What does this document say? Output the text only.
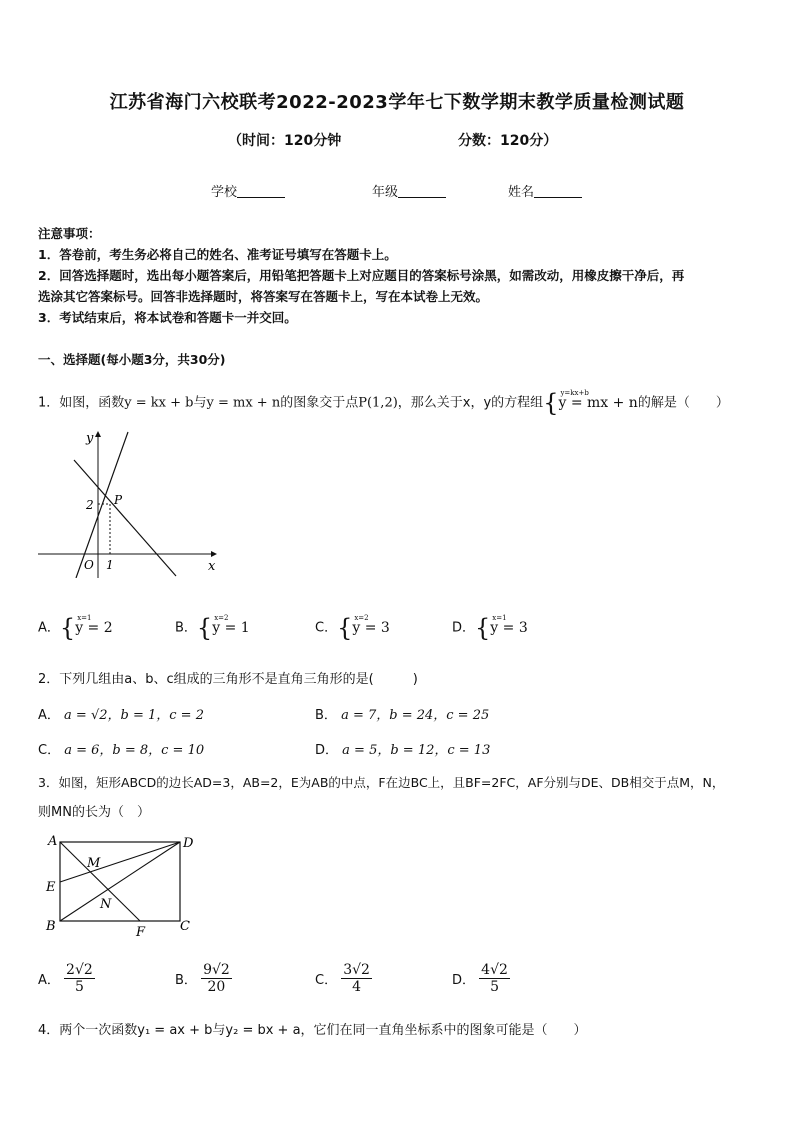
江苏省海门六校联考2022-2023学年七下数学期末教学质量检测试题
（时间：120分钟	分数：120分）
学校	年级	姓名
注意事项：
1．答卷前，考生务必将自己的姓名、准考证号填写在答题卡上。
2．回答选择题时，选出每小题答案后，用铅笔把答题卡上对应题目的答案标号涂黑，如需改动，用橡皮擦干净后，再
选涂其它答案标号。回答非选择题时，将答案写在答题卡上，写在本试卷上无效。
3．考试结束后，将本试卷和答题卡一并交回。
一、选择题(每小题3分，共30分)
1．如图，函数y = kx + b与y = mx + n的图象交于点P(1,2)，那么关于x，y的方程组{ y=kx+b
y = mx + n的解是（　　）
y
x
O
P
2
1
A．{ x=1
y = 2	B．{ x=2
y = 1	C．{ x=2
y = 3	D．{ x=1
y = 3
2．下列几组由a、b、c组成的三角形不是直角三角形的是(　　　)
A． a = √2，b = 1，c = 2	B． a = 7，b = 24，c = 25
C． a = 6，b = 8，c = 10	D． a = 5，b = 12，c = 13
3．如图，矩形ABCD的边长AD=3，AB=2，E为AB的中点，F在边BC上，且BF=2FC，AF分别与DE、DB相交于点M，N，
则MN的长为（　）
A	D
E
B	C
F
M
N
A． $\frac{2√2}{5}$	B． $\frac{9√2}{20}$	C． $\frac{3√2}{4}$	D． $\frac{4√2}{5}$
4．两个一次函数y₁ = ax + b与y₂ = bx + a，它们在同一直角坐标系中的图象可能是（　　）
